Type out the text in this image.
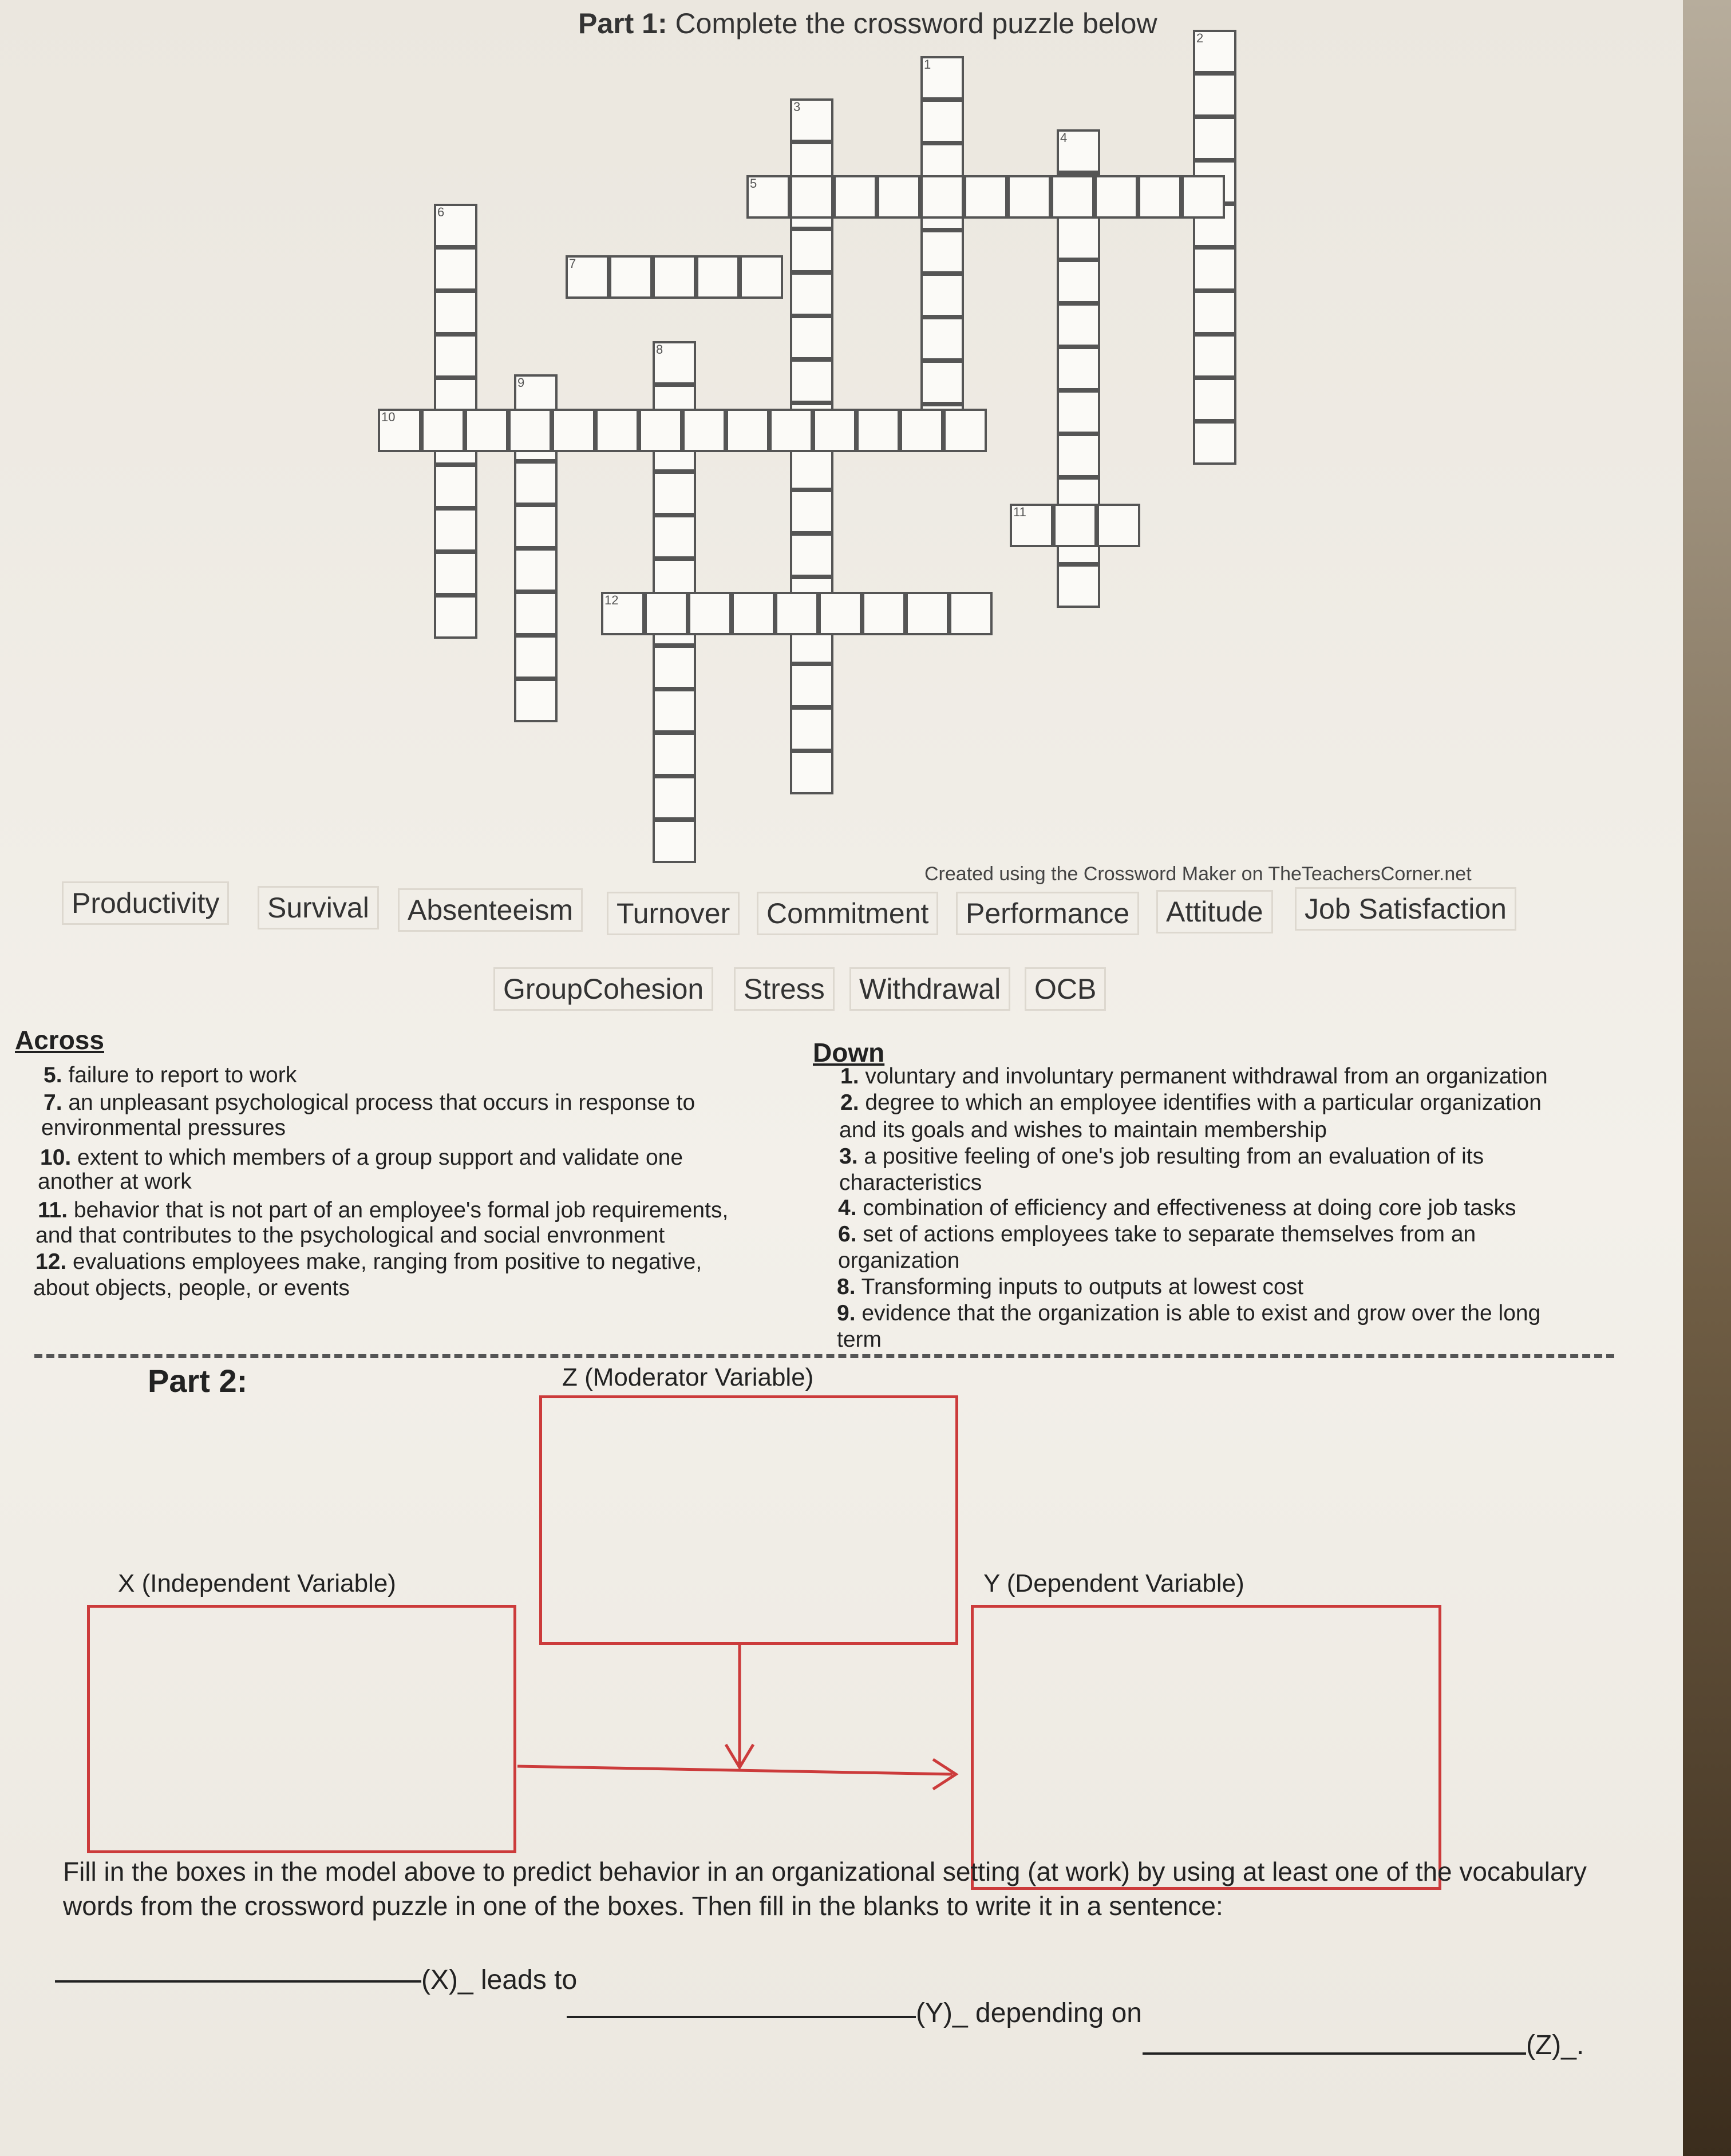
Part 1: Complete the crossword puzzle below
1
2
3
4
5
6
7
8
9
10
11
12
Created using the Crossword Maker on TheTeachersCorner.net
Productivity	Survival	Absenteeism	Turnover	Commitment	Performance	Attitude	Job Satisfaction
GroupCohesion	Stress	Withdrawal	OCB
Across
5. failure to report to work
7. an unpleasant psychological process that occurs in response to
environmental pressures
10. extent to which members of a group support and validate one
another at work
11. behavior that is not part of an employee's formal job requirements,
and that contributes to the psychological and social envronment
12. evaluations employees make, ranging from positive to negative,
about objects, people, or events
Down
1. voluntary and involuntary permanent withdrawal from an organization
2. degree to which an employee identifies with a particular organization
and its goals and wishes to maintain membership
3. a positive feeling of one's job resulting from an evaluation of its
characteristics
4. combination of efficiency and effectiveness at doing core job tasks
6. set of actions employees take to separate themselves from an
organization
8. Transforming inputs to outputs at lowest cost
9. evidence that the organization is able to exist and grow over the long
term
Part 2:	Z (Moderator Variable)
X (Independent Variable)	Y (Dependent Variable)
Fill in the boxes in the model above to predict behavior in an organizational setting (at work) by using at least one of the vocabulary words from the crossword puzzle in one of the boxes. Then fill in the blanks to write it in a sentence:
(X)_ leads to
(Y)_ depending on
(Z)_.
